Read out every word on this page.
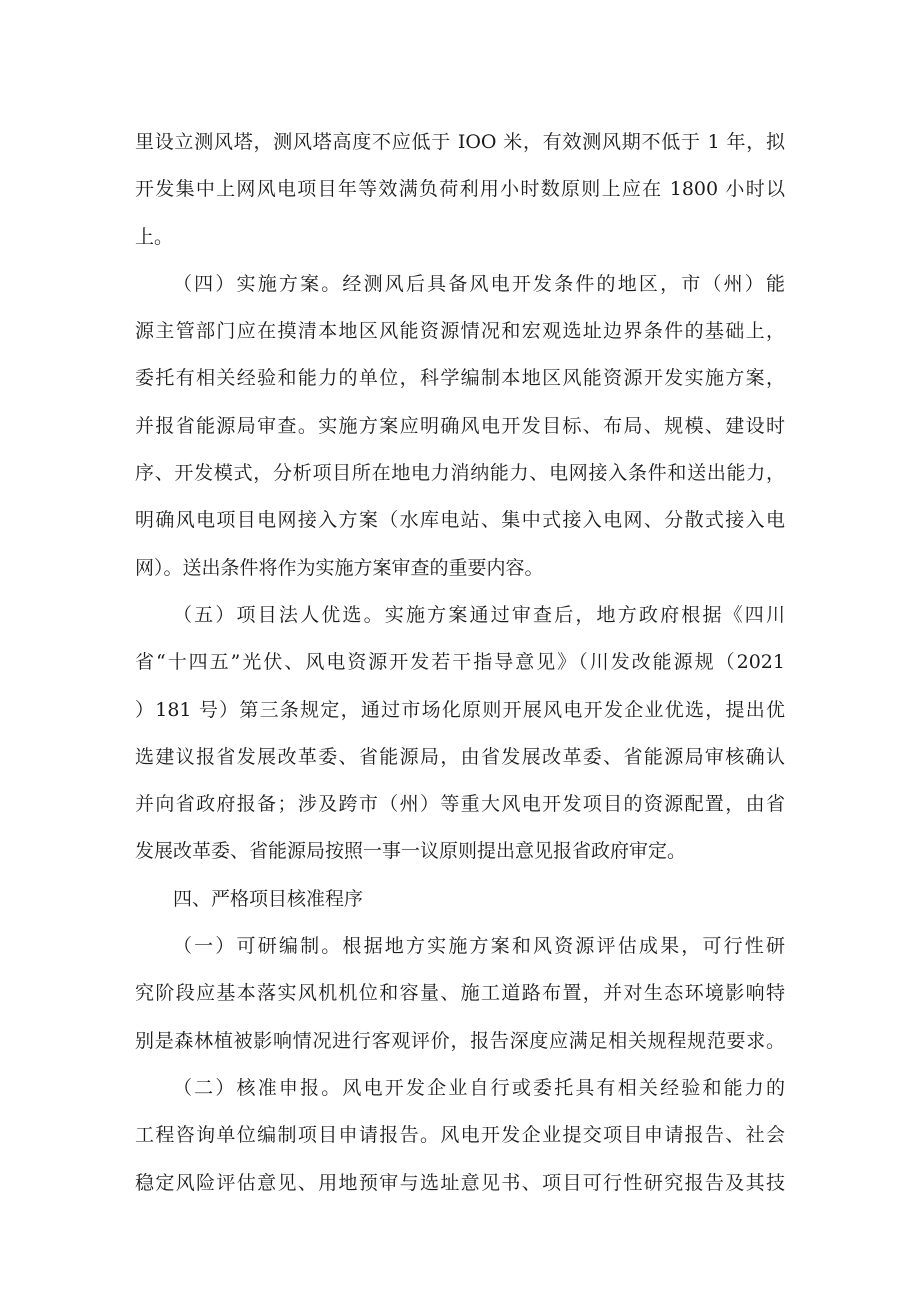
里设立测风塔，测风塔高度不应低于 IOO 米，有效测风期不低于 1 年，拟
开发集中上网风电项目年等效满负荷利用小时数原则上应在 1800 小时以
上。
（四）实施方案。经测风后具备风电开发条件的地区，市（州）能
源主管部门应在摸清本地区风能资源情况和宏观选址边界条件的基础上，
委托有相关经验和能力的单位，科学编制本地区风能资源开发实施方案，
并报省能源局审查。实施方案应明确风电开发目标、布局、规模、建设时
序、开发模式，分析项目所在地电力消纳能力、电网接入条件和送出能力，
明确风电项目电网接入方案（水库电站、集中式接入电网、分散式接入电
网）。送出条件将作为实施方案审查的重要内容。
（五）项目法人优选。实施方案通过审查后，地方政府根据《四川
省“十四五”光伏、风电资源开发若干指导意见》（川发改能源规（2021
）181 号）第三条规定，通过市场化原则开展风电开发企业优选，提出优
选建议报省发展改革委、省能源局，由省发展改革委、省能源局审核确认
并向省政府报备；涉及跨市（州）等重大风电开发项目的资源配置，由省
发展改革委、省能源局按照一事一议原则提出意见报省政府审定。
四、严格项目核准程序
（一）可研编制。根据地方实施方案和风资源评估成果，可行性研
究阶段应基本落实风机机位和容量、施工道路布置，并对生态环境影响特
别是森林植被影响情况进行客观评价，报告深度应满足相关规程规范要求。
（二）核准申报。风电开发企业自行或委托具有相关经验和能力的
工程咨询单位编制项目申请报告。风电开发企业提交项目申请报告、社会
稳定风险评估意见、用地预审与选址意见书、项目可行性研究报告及其技
